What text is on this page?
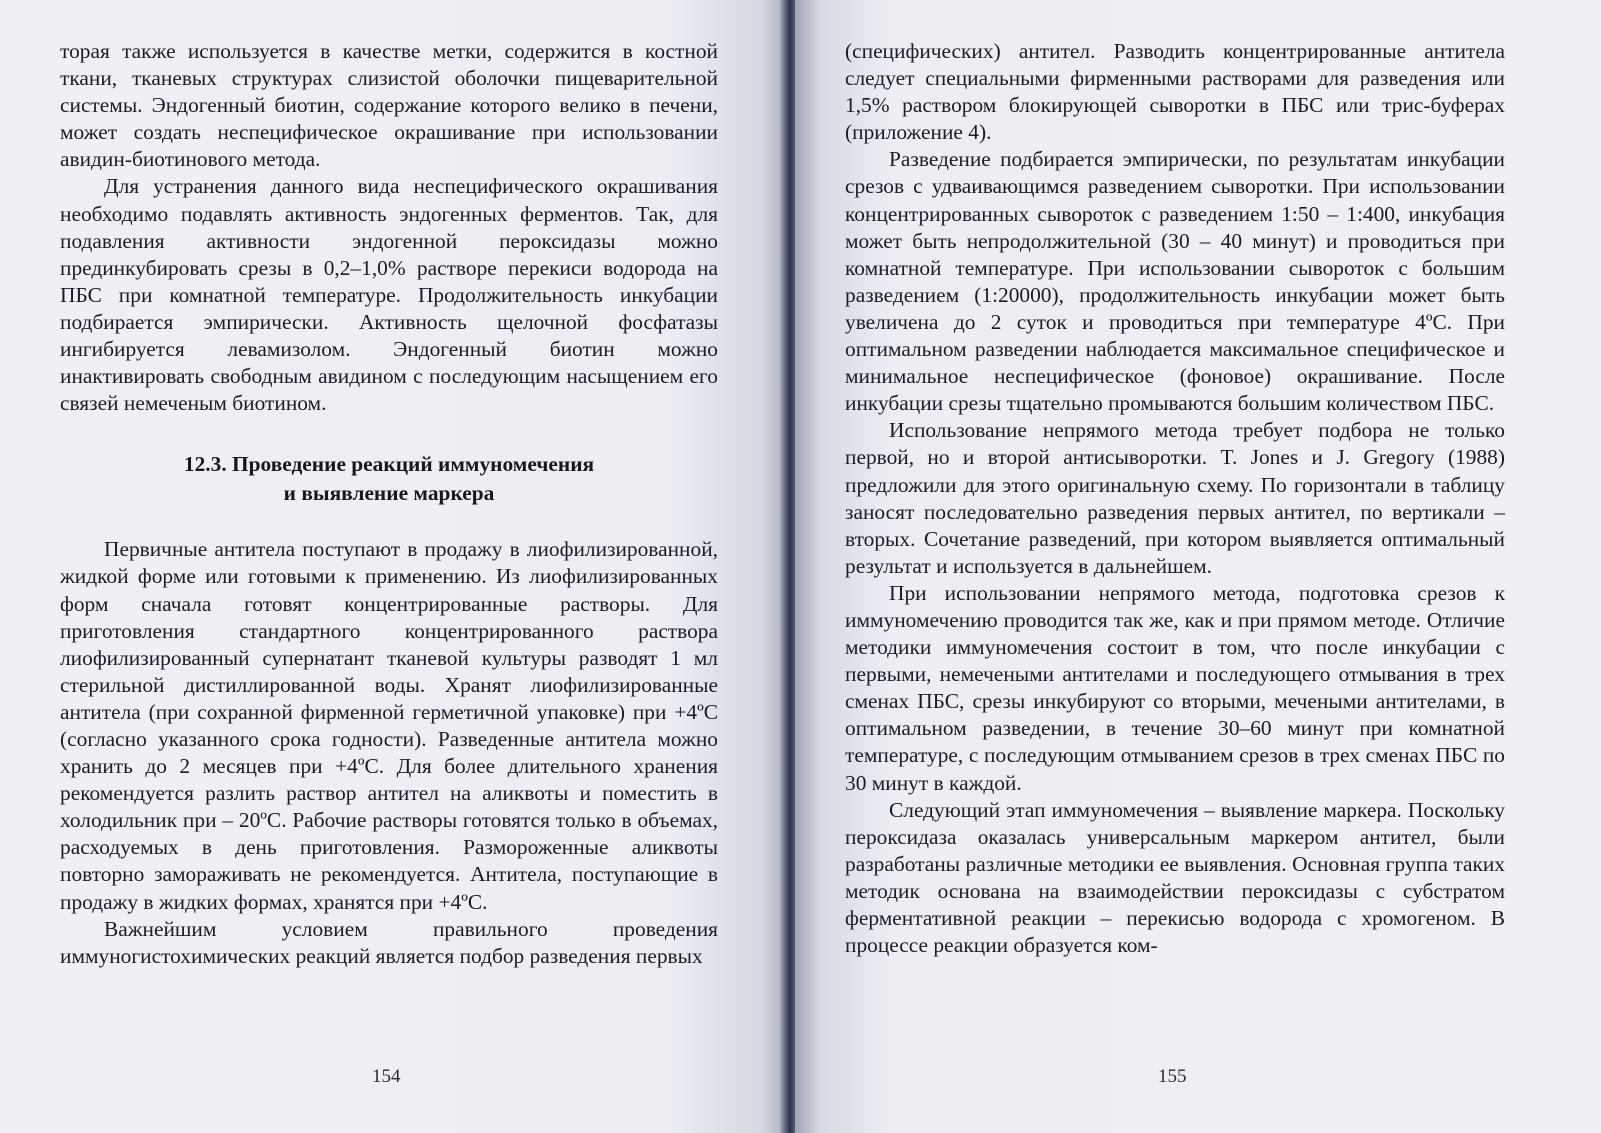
торая также используется в качестве метки, содержится в костной ткани, тканевых структурах слизистой оболочки пищеварительной системы. Эндогенный биотин, содержание которого велико в печени, может создать неспецифическое окрашивание при использовании авидин-биотинового метода.

Для устранения данного вида неспецифического окрашивания необходимо подавлять активность эндогенных ферментов. Так, для подавления активности эндогенной пероксидазы можно прединкубировать срезы в 0,2–1,0% растворе перекиси водорода на ПБС при комнатной температуре. Продолжительность инкубации подбирается эмпирически. Активность щелочной фосфатазы ингибируется левамизолом. Эндогенный биотин можно инактивировать свободным авидином с последующим насыщением его связей немеченым биотином.

12.3. Проведение реакций иммуномечения
и выявление маркера

Первичные антитела поступают в продажу в лиофилизированной, жидкой форме или готовыми к применению. Из лиофилизированных форм сначала готовят концентрированные растворы. Для приготовления стандартного концентрированного раствора лиофилизированный супернатант тканевой культуры разводят 1 мл стерильной дистиллированной воды. Хранят лиофилизированные антитела (при сохранной фирменной герметичной упаковке) при +4ºС (согласно указанного срока годности). Разведенные антитела можно хранить до 2 месяцев при +4ºС. Для более длительного хранения рекомендуется разлить раствор антител на аликвоты и поместить в холодильник при – 20ºС. Рабочие растворы готовятся только в объемах, расходуемых в день приготовления. Размороженные аликвоты повторно замораживать не рекомендуется. Антитела, поступающие в продажу в жидких формах, хранятся при +4ºС.

Важнейшим условием правильного проведения иммуногистохимических реакций является подбор разведения первых

154

(специфических) антител. Разводить концентрированные антитела следует специальными фирменными растворами для разведения или 1,5% раствором блокирующей сыворотки в ПБС или трис-буферах (приложение 4).

Разведение подбирается эмпирически, по результатам инкубации срезов с удваивающимся разведением сыворотки. При использовании концентрированных сывороток с разведением 1:50 – 1:400, инкубация может быть непродолжительной (30 – 40 минут) и проводиться при комнатной температуре. При использовании сывороток с большим разведением (1:20000), продолжительность инкубации может быть увеличена до 2 суток и проводиться при температуре 4ºС. При оптимальном разведении наблюдается максимальное специфическое и минимальное неспецифическое (фоновое) окрашивание. После инкубации срезы тщательно промываются большим количеством ПБС.

Использование непрямого метода требует подбора не только первой, но и второй антисыворотки. T. Jones и J. Gregory (1988) предложили для этого оригинальную схему. По горизонтали в таблицу заносят последовательно разведения первых антител, по вертикали – вторых. Сочетание разведений, при котором выявляется оптимальный результат и используется в дальнейшем.

При использовании непрямого метода, подготовка срезов к иммуномечению проводится так же, как и при прямом методе. Отличие методики иммуномечения состоит в том, что после инкубации с первыми, немечеными антителами и последующего отмывания в трех сменах ПБС, срезы инкубируют со вторыми, мечеными антителами, в оптимальном разведении, в течение 30–60 минут при комнатной температуре, с последующим отмыванием срезов в трех сменах ПБС по 30 минут в каждой.

Следующий этап иммуномечения – выявление маркера. Поскольку пероксидаза оказалась универсальным маркером антител, были разработаны различные методики ее выявления. Основная группа таких методик основана на взаимодействии пероксидазы с субстратом ферментативной реакции – перекисью водорода с хромогеном. В процессе реакции образуется ком-

155
